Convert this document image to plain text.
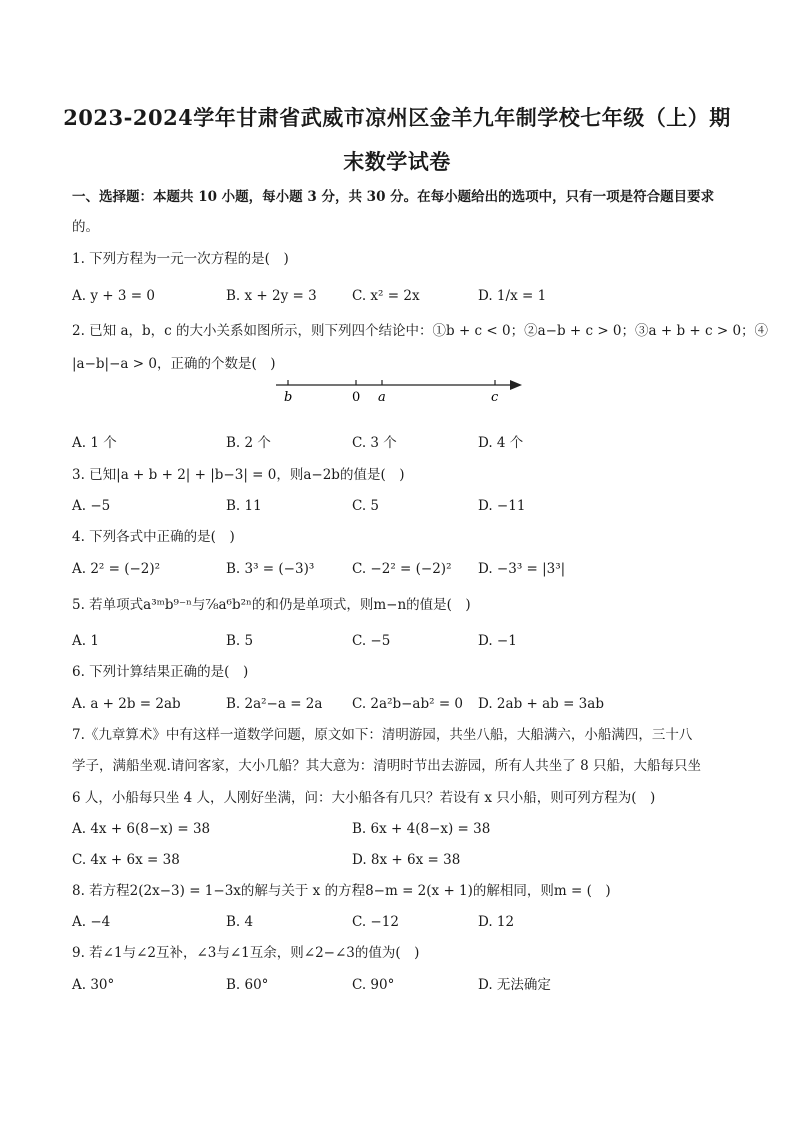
2023-2024学年甘肃省武威市凉州区金羊九年制学校七年级（上）期
末数学试卷
一、选择题：本题共 10 小题，每小题 3 分，共 30 分。在每小题给出的选项中，只有一项是符合题目要求
的。
1. 下列方程为一元一次方程的是(　)
A. y + 3 = 0	B. x + 2y = 3	C. x² = 2x	D. 1/x = 1
2. 已知 a，b，c 的大小关系如图所示，则下列四个结论中：①b + c < 0；②a−b + c > 0；③a + b + c > 0；④
|a−b|−a > 0，正确的个数是(　)
b	0 a	c
A. 1 个	B. 2 个	C. 3 个	D. 4 个
3. 已知|a + b + 2| + |b−3| = 0，则a−2b的值是(　)
A. −5	B. 11	C. 5	D. −11
4. 下列各式中正确的是(　)
A. 2² = (−2)²	B. 3³ = (−3)³	C. −2² = (−2)² D. −3³ = |3³|
5. 若单项式a³ᵐb⁹⁻ⁿ与⁷⁄₈a⁶b²ⁿ的和仍是单项式，则m−n的值是(　)
A. 1	B. 5	C. −5	D. −1
6. 下列计算结果正确的是(　)
A. a + 2b = 2ab	B. 2a²−a = 2a C. 2a²b−ab² = 0 D. 2ab + ab = 3ab
7.《九章算术》中有这样一道数学问题，原文如下：清明游园，共坐八船，大船满六，小船满四，三十八
学子，满船坐观.请问客家，大小几船？其大意为：清明时节出去游园，所有人共坐了 8 只船，大船每只坐
6 人，小船每只坐 4 人，人刚好坐满，问：大小船各有几只？若设有 x 只小船，则可列方程为(　)
A. 4x + 6(8−x) = 38	B. 6x + 4(8−x) = 38
C. 4x + 6x = 38	D. 8x + 6x = 38
8. 若方程2(2x−3) = 1−3x的解与关于 x 的方程8−m = 2(x + 1)的解相同，则m = (　)
A. −4	B. 4	C. −12	D. 12
9. 若∠1与∠2互补，∠3与∠1互余，则∠2−∠3的值为(　)
A. 30°	B. 60°	C. 90°	D. 无法确定
